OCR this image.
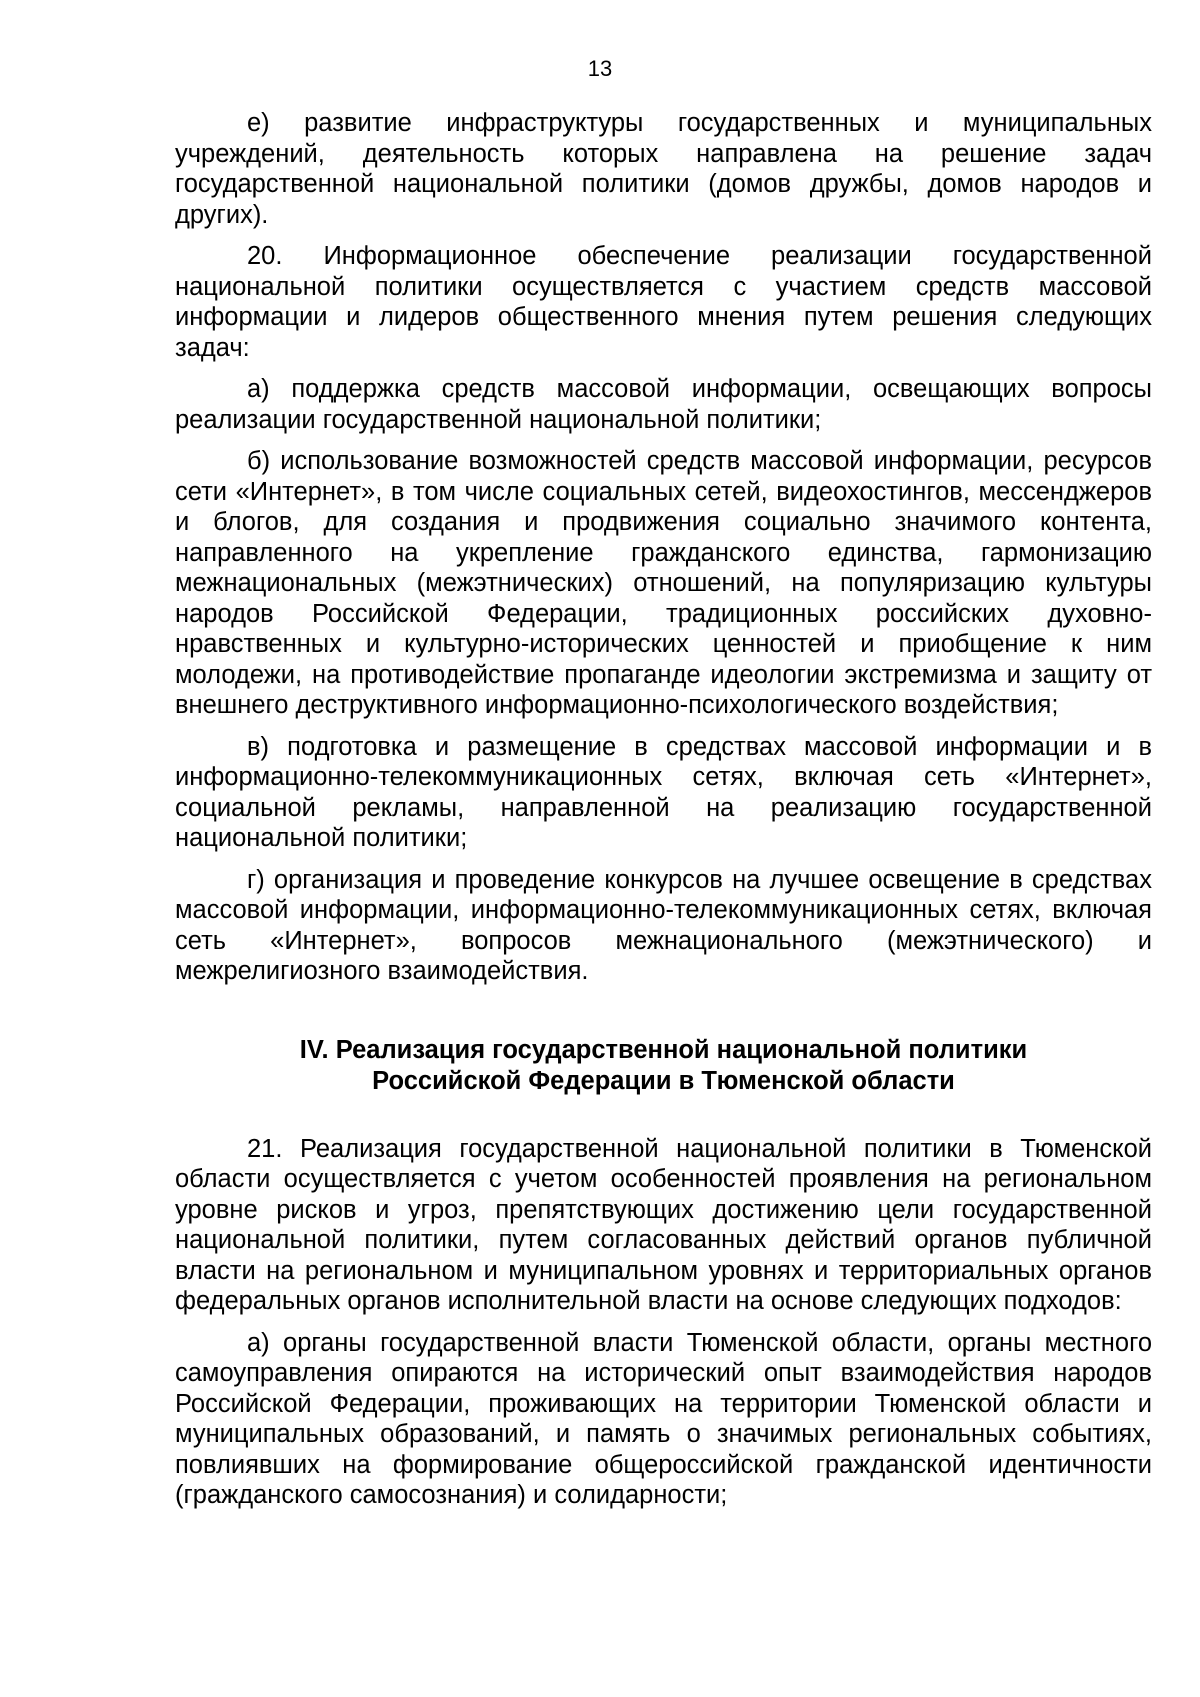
13

е) развитие инфраструктуры государственных и муниципальных учреждений, деятельность которых направлена на решение задач государственной национальной политики (домов дружбы, домов народов и других).

20. Информационное обеспечение реализации государственной национальной политики осуществляется с участием средств массовой информации и лидеров общественного мнения путем решения следующих задач:

а) поддержка средств массовой информации, освещающих вопросы реализации государственной национальной политики;

б) использование возможностей средств массовой информации, ресурсов сети «Интернет», в том числе социальных сетей, видеохостингов, мессенджеров и блогов, для создания и продвижения социально значимого контента, направленного на укрепление гражданского единства, гармонизацию межнациональных (межэтнических) отношений, на популяризацию культуры народов Российской Федерации, традиционных российских духовно-нравственных и культурно-исторических ценностей и приобщение к ним молодежи, на противодействие пропаганде идеологии экстремизма и защиту от внешнего деструктивного информационно-психологического воздействия;

в) подготовка и размещение в средствах массовой информации и в информационно-телекоммуникационных сетях, включая сеть «Интернет», социальной рекламы, направленной на реализацию государственной национальной политики;

г) организация и проведение конкурсов на лучшее освещение в средствах массовой информации, информационно-телекоммуникационных сетях, включая сеть «Интернет», вопросов межнационального (межэтнического) и межрелигиозного взаимодействия.

IV. Реализация государственной национальной политики
Российской Федерации в Тюменской области

21. Реализация государственной национальной политики в Тюменской области осуществляется с учетом особенностей проявления на региональном уровне рисков и угроз, препятствующих достижению цели государственной национальной политики, путем согласованных действий органов публичной власти на региональном и муниципальном уровнях и территориальных органов федеральных органов исполнительной власти на основе следующих подходов:

а) органы государственной власти Тюменской области, органы местного самоуправления опираются на исторический опыт взаимодействия народов Российской Федерации, проживающих на территории Тюменской области и муниципальных образований, и память о значимых региональных событиях, повлиявших на формирование общероссийской гражданской идентичности (гражданского самосознания) и солидарности;
